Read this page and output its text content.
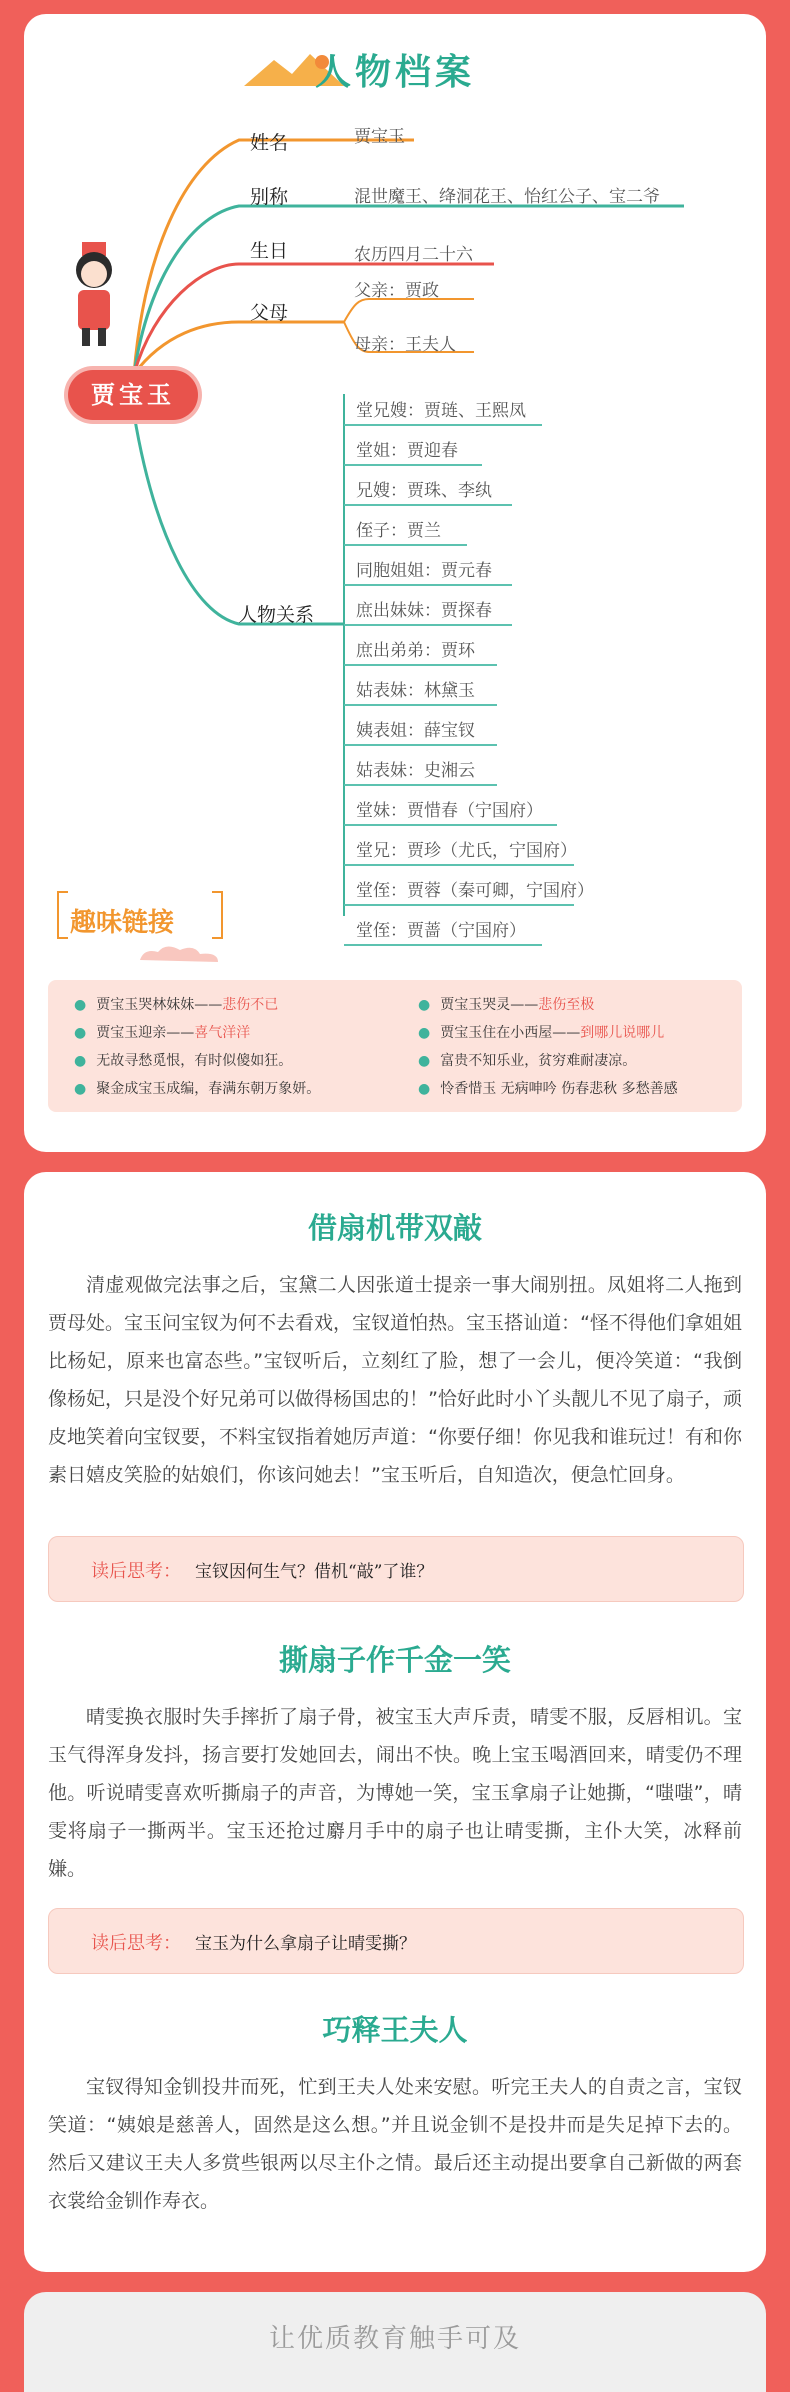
人物档案
贾宝玉
姓名	贾宝玉
别称	混世魔王、绛洞花王、怡红公子、宝二爷
生日	农历四月二十六
父母
父亲：贾政
母亲：王夫人
人物关系
堂兄嫂：贾琏、王熙凤
堂姐：贾迎春
兄嫂：贾珠、李纨
侄子：贾兰
同胞姐姐：贾元春
庶出妹妹：贾探春
庶出弟弟：贾环
姑表妹：林黛玉
姨表姐：薛宝钗
姑表妹：史湘云
堂妹：贾惜春（宁国府）
堂兄：贾珍（尤氏，宁国府）
堂侄：贾蓉（秦可卿，宁国府）
堂侄：贾蔷（宁国府）
趣味链接
● 贾宝玉哭林妹妹——悲伤不已
● 贾宝玉迎亲——喜气洋洋
● 无故寻愁觅恨，有时似傻如狂。
● 聚金成宝玉成编，春满东朝万象妍。
● 贾宝玉哭灵——悲伤至极
● 贾宝玉住在小西屋——到哪儿说哪儿
● 富贵不知乐业，贫穷难耐凄凉。
● 怜香惜玉 无病呻吟 伤春悲秋 多愁善感
借扇机带双敲
清虚观做完法事之后，宝黛二人因张道士提亲一事大闹别扭。凤姐将二人拖到贾母处。宝玉问宝钗为何不去看戏，宝钗道怕热。宝玉搭讪道：“怪不得他们拿姐姐比杨妃，原来也富态些。”宝钗听后，立刻红了脸，想了一会儿，便冷笑道：“我倒像杨妃，只是没个好兄弟可以做得杨国忠的！”恰好此时小丫头靓儿不见了扇子，顽皮地笑着向宝钗要，不料宝钗指着她厉声道：“你要仔细！你见我和谁玩过！有和你素日嬉皮笑脸的姑娘们，你该问她去！”宝玉听后，自知造次，便急忙回身。
读后思考： 宝钗因何生气？借机“敲”了谁？
撕扇子作千金一笑
晴雯换衣服时失手摔折了扇子骨，被宝玉大声斥责，晴雯不服，反唇相讥。宝玉气得浑身发抖，扬言要打发她回去，闹出不快。晚上宝玉喝酒回来，晴雯仍不理他。听说晴雯喜欢听撕扇子的声音，为博她一笑，宝玉拿扇子让她撕，“嗤嗤”，晴雯将扇子一撕两半。宝玉还抢过麝月手中的扇子也让晴雯撕，主仆大笑，冰释前嫌。
读后思考： 宝玉为什么拿扇子让晴雯撕？
巧释王夫人
宝钗得知金钏投井而死，忙到王夫人处来安慰。听完王夫人的自责之言，宝钗笑道：“姨娘是慈善人，固然是这么想。”并且说金钏不是投井而是失足掉下去的。然后又建议王夫人多赏些银两以尽主仆之情。最后还主动提出要拿自己新做的两套衣裳给金钏作寿衣。
让优质教育触手可及
